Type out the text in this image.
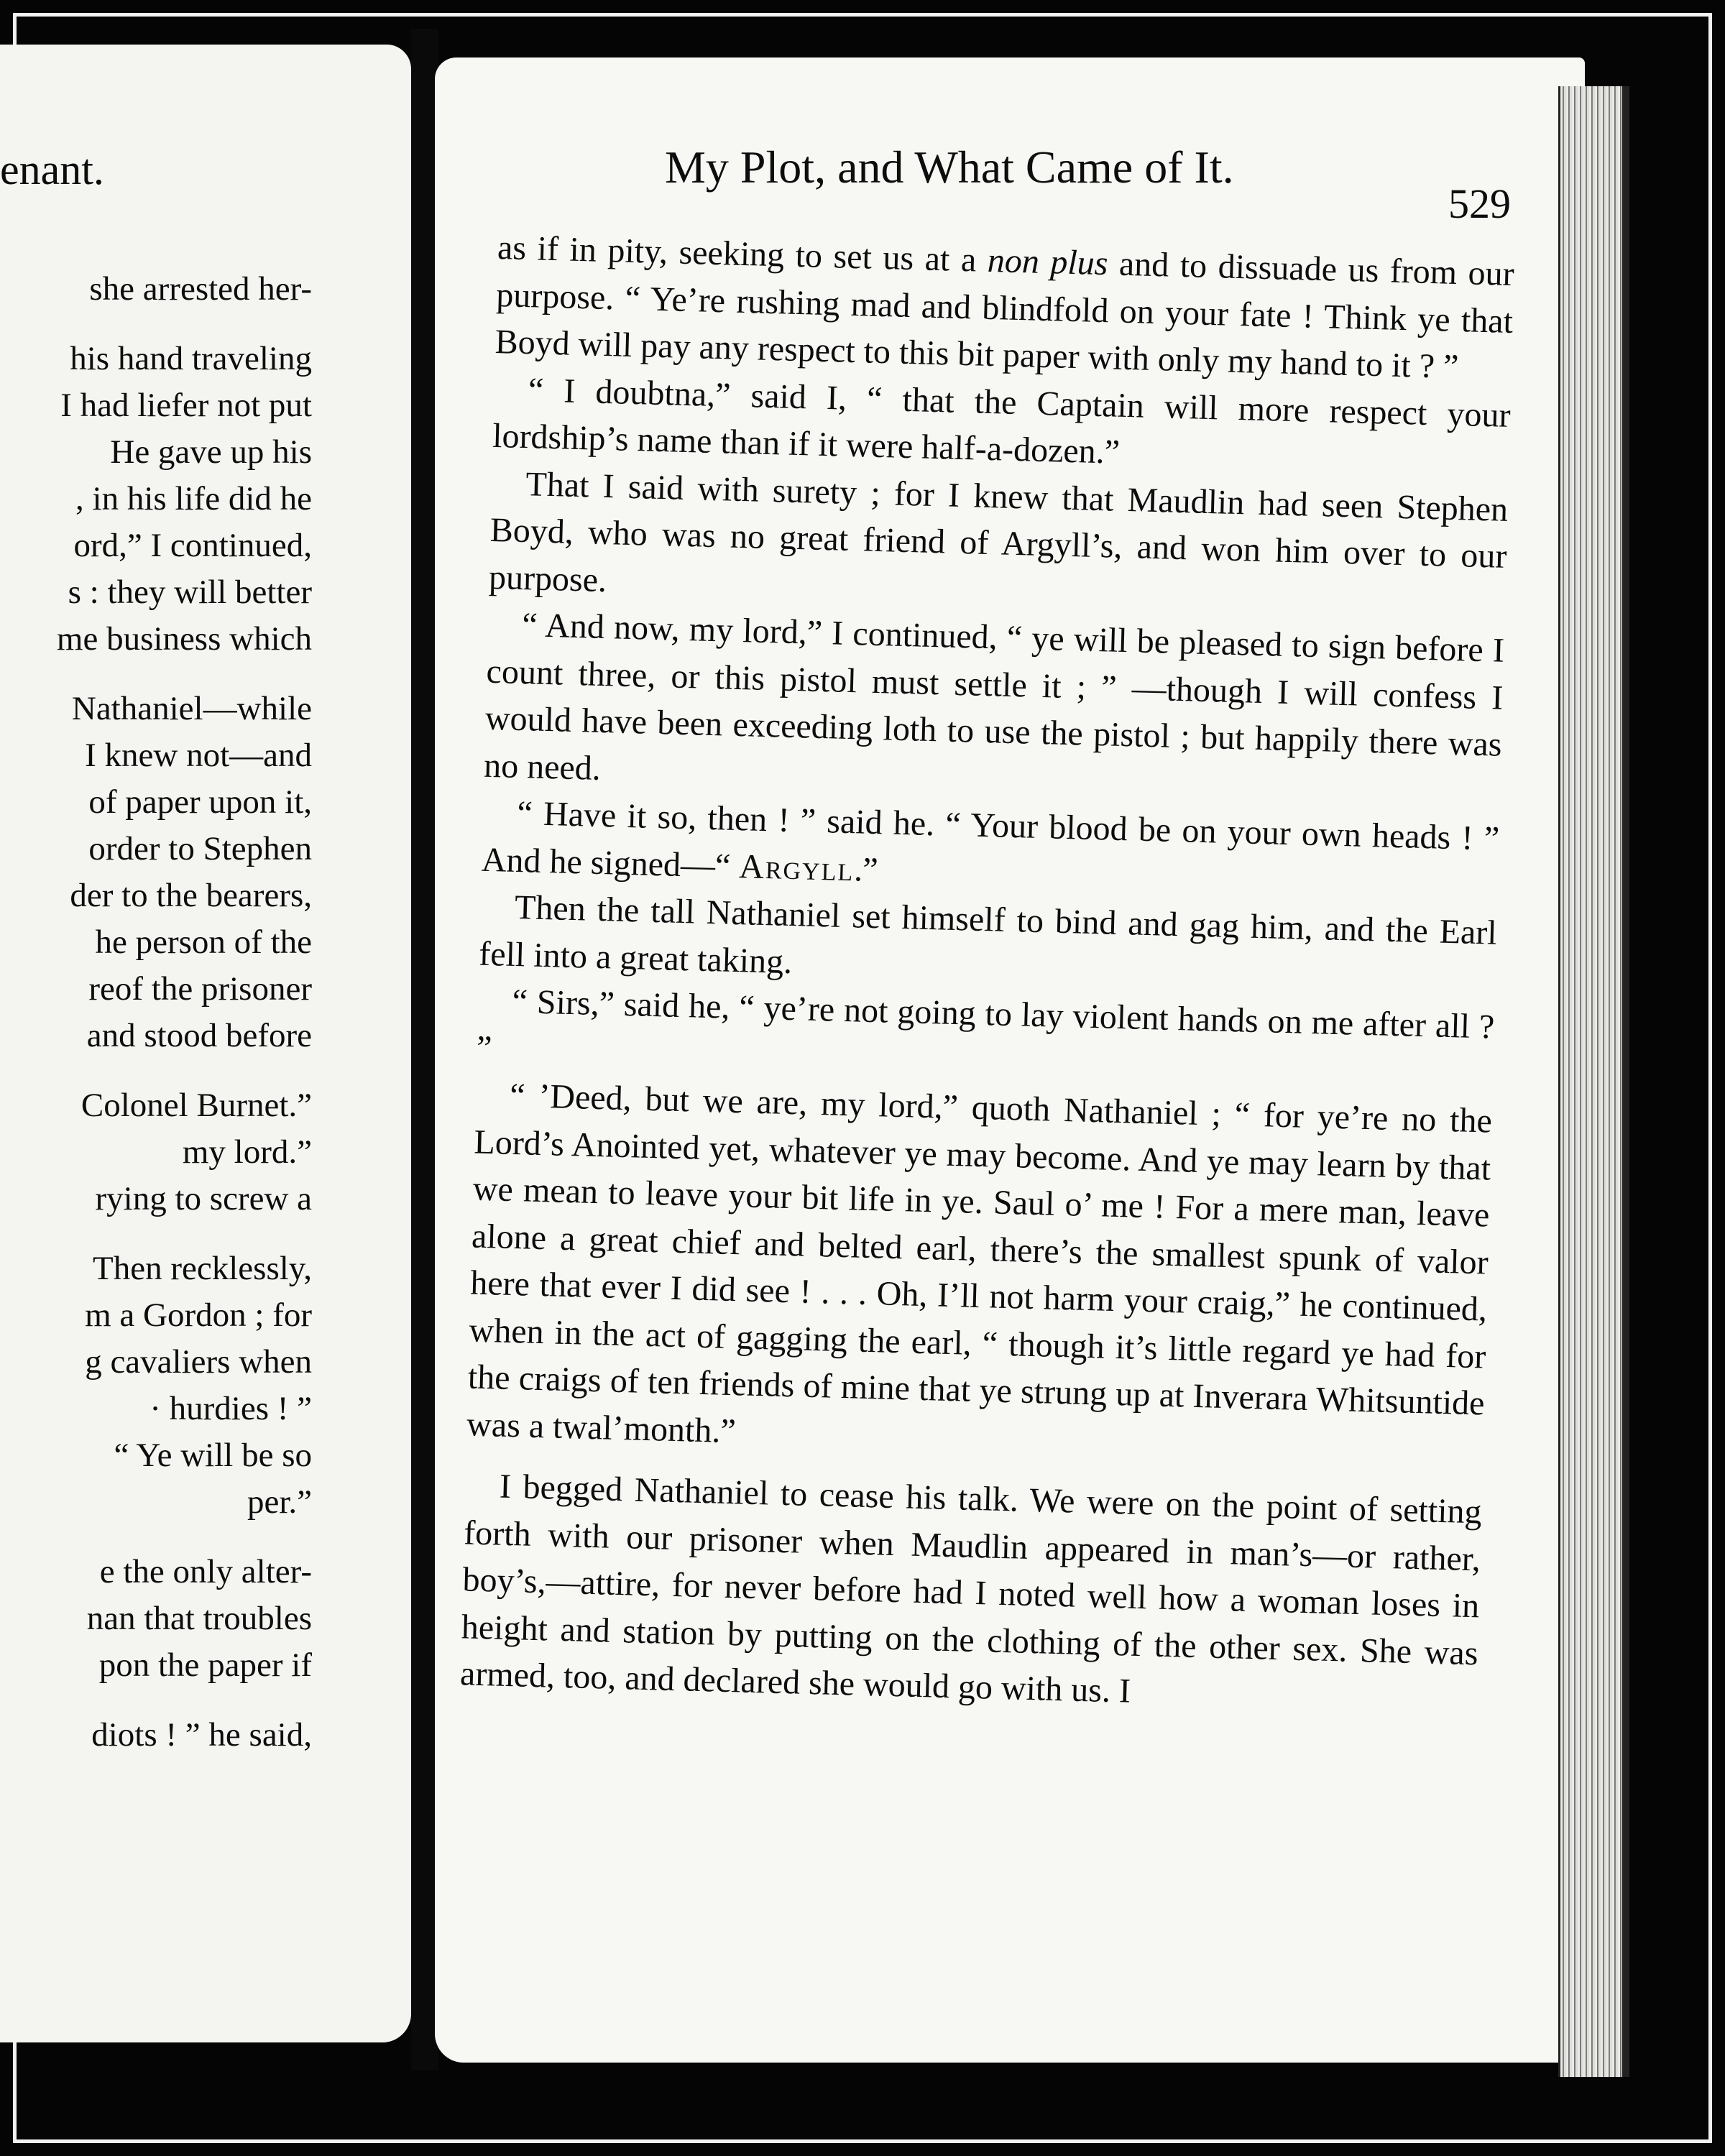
enant.
she arrested her-
his hand traveling
I had liefer not put
He gave up his
, in his life did he
ord,” I continued,
s : they will better
me business which
Nathaniel—while
I knew not—and
of paper upon it,
order to Stephen
der to the bearers,
he person of the
reof the prisoner
and stood before
Colonel Burnet.”
my lord.”
rying to screw a
Then recklessly,
m a Gordon ; for
g cavaliers when
· hurdies ! ”
“ Ye will be so
per.”
e the only alter-
nan that troubles
pon the paper if
diots ! ” he said,
My Plot, and What Came of It.
529

as if in pity, seeking to set us at a non plus and to dissuade us from our purpose. “ Ye’re rushing mad and blindfold on your fate ! Think ye that Boyd will pay any respect to this bit paper with only my hand to it ? ”

“ I doubtna,” said I, “ that the Captain will more respect your lordship’s name than if it were half-a-dozen.”

That I said with surety ; for I knew that Maudlin had seen Stephen Boyd, who was no great friend of Argyll’s, and won him over to our purpose.

“ And now, my lord,” I continued, “ ye will be pleased to sign before I count three, or this pistol must settle it ; ” —though I will confess I would have been exceeding loth to use the pistol ; but happily there was no need.

“ Have it so, then ! ” said he. “ Your blood be on your own heads ! ” And he signed—“ Argyll.”

Then the tall Nathaniel set himself to bind and gag him, and the Earl fell into a great taking.

“ Sirs,” said he, “ ye’re not going to lay violent hands on me after all ? ”

“ ’Deed, but we are, my lord,” quoth Nathaniel ; “ for ye’re no the Lord’s Anointed yet, whatever ye may become. And ye may learn by that we mean to leave your bit life in ye. Saul o’ me ! For a mere man, leave alone a great chief and belted earl, there’s the smallest spunk of valor here that ever I did see ! . . . Oh, I’ll not harm your craig,” he continued, when in the act of gagging the earl, “ though it’s little regard ye had for the craigs of ten friends of mine that ye strung up at Inverara Whitsuntide was a twal’month.”

I begged Nathaniel to cease his talk. We were on the point of setting forth with our prisoner when Maudlin appeared in man’s—or rather, boy’s,—attire, for never before had I noted well how a woman loses in height and station by putting on the clothing of the other sex. She was armed, too, and declared she would go with us. I
